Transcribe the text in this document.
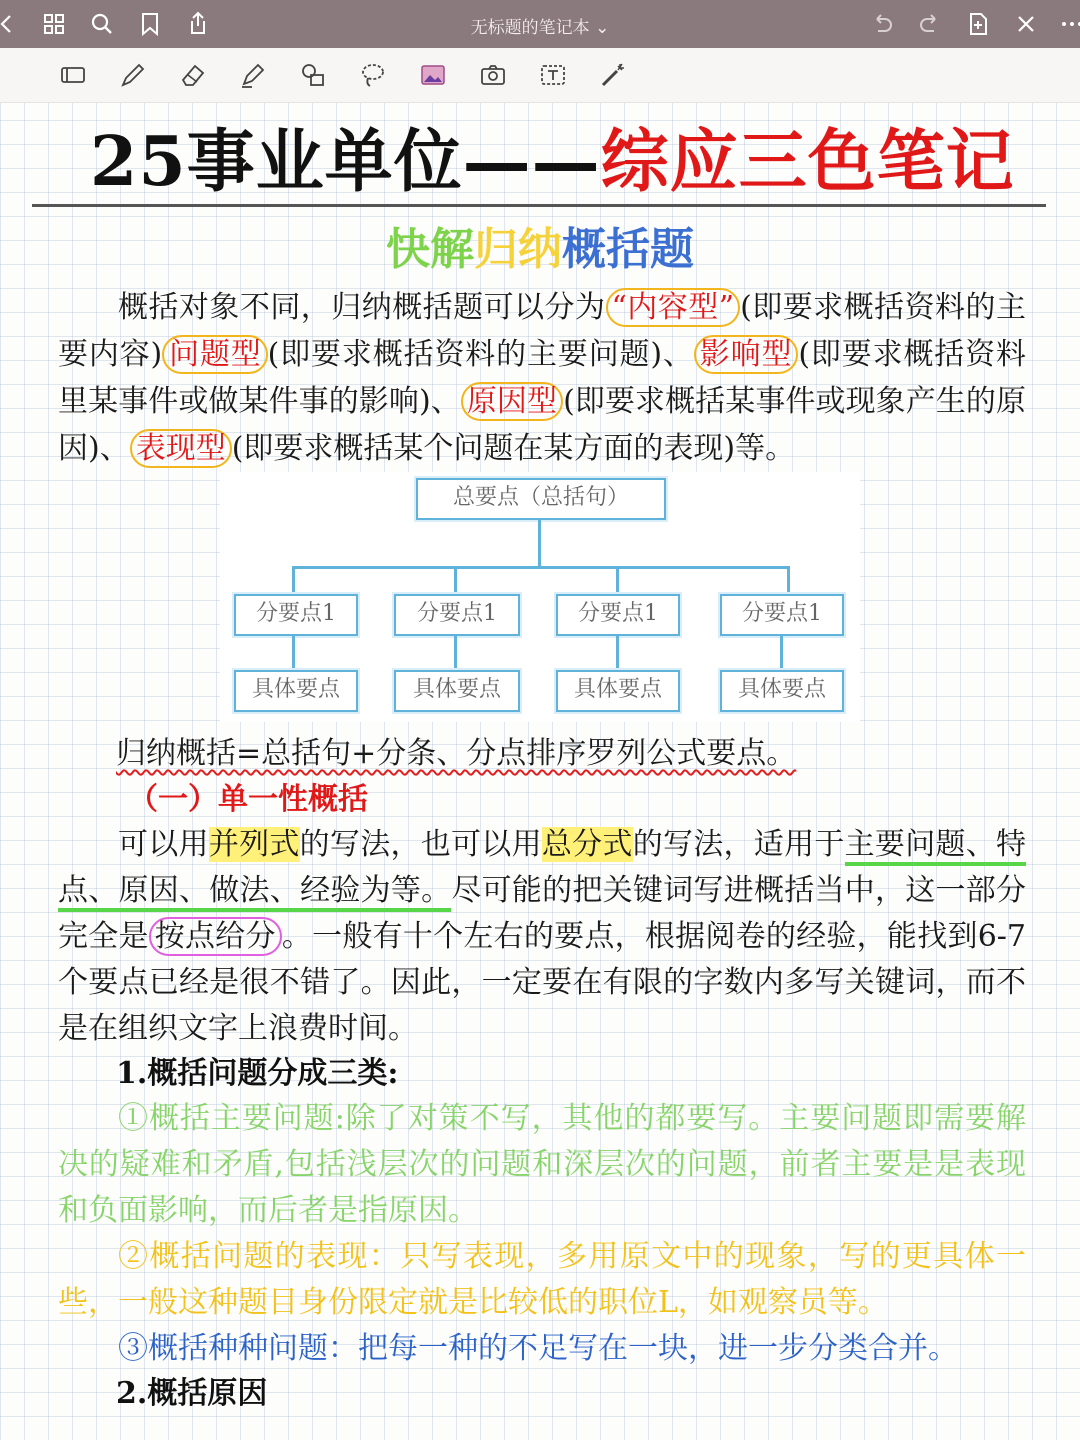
无标题的笔记本 ⌄
25事业单位——综应三色笔记
快解归纳概括题
概括对象不同，归纳概括题可以分为 “内容型” (即要求概括资料的主要内容) 问题型 (即要求概括资料的主要问题)、 影响型 (即要求概括资料里某事件或做某件事的影响)、 原因型 (即要求概括某事件或现象产生的原因)、 表现型 (即要求概括某个问题在某方面的表现)等。
总要点（总括句）
分要点1	分要点1	分要点1	分要点1
具体要点	具体要点	具体要点	具体要点
归纳概括=总括句+分条、分点排序罗列公式要点。
（一）单一性概括
可以用并列式的写法，也可以用总分式的写法，适用于主要问题、特点、原因、做法、经验为等。尽可能的把关键词写进概括当中，这一部分完全是 按点给分 。一般有十个左右的要点，根据阅卷的经验，能找到6-7个要点已经是很不错了。因此，一定要在有限的字数内多写关键词，而不是在组织文字上浪费时间。
1.概括问题分成三类:
①概括主要问题:除了对策不写，其他的都要写。主要问题即需要解决的疑难和矛盾,包括浅层次的问题和深层次的问题，前者主要是是表现和负面影响，而后者是指原因。
②概括问题的表现：只写表现，多用原文中的现象，写的更具体一些，一般这种题目身份限定就是比较低的职位L，如观察员等。
③概括种种问题：把每一种的不足写在一块，进一步分类合并。
2.概括原因
